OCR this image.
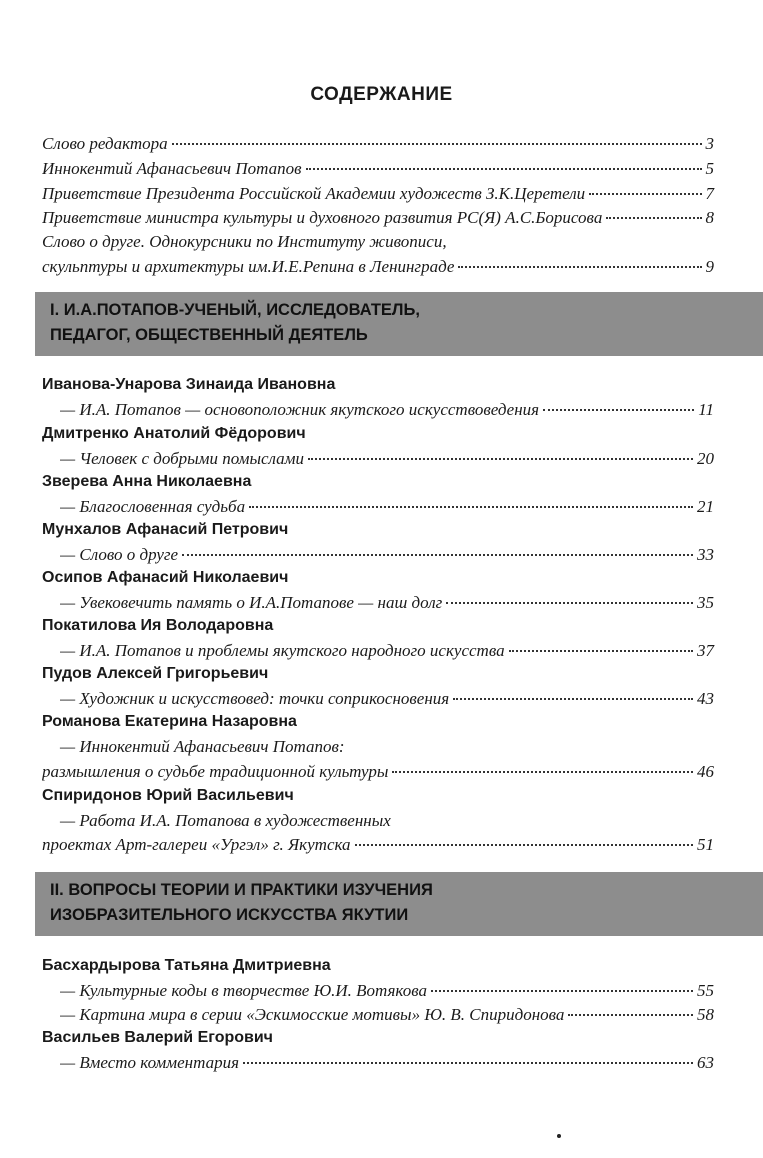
СОДЕРЖАНИЕ
Слово редактора	3
Иннокентий Афанасьевич Потапов	5
Приветствие Президента Российской Академии художеств З.К.Церетели	7
Приветствие министра культуры и духовного развития РС(Я) А.С.Борисова	8
Слово о друге. Однокурсники по Институту живописи,
скульптуры и архитектуры им.И.Е.Репина в Ленинграде	9
I. И.А.ПОТАПОВ-УЧЕНЫЙ, ИССЛЕДОВАТЕЛЬ,
ПЕДАГОГ, ОБЩЕСТВЕННЫЙ ДЕЯТЕЛЬ
Иванова-Унарова Зинаида Ивановна
— И.А. Потапов — основоположник якутского искусствоведения	11
Дмитренко Анатолий Фёдорович
— Человек с добрыми помыслами	20
Зверева Анна Николаевна
— Благословенная судьба	21
Мунхалов Афанасий Петрович
— Слово о друге	33
Осипов Афанасий Николаевич
— Увековечить память о И.А.Потапове — наш долг	35
Покатилова Ия Володаровна
— И.А. Потапов и проблемы якутского народного искусства	37
Пудов Алексей Григорьевич
— Художник и искусствовед: точки соприкосновения	43
Романова Екатерина Назаровна
— Иннокентий Афанасьевич Потапов:
размышления о судьбе традиционной культуры	46
Спиридонов Юрий Васильевич
— Работа И.А. Потапова в художественных
проектах Арт-галереи «Ургэл» г. Якутска	51
II. ВОПРОСЫ ТЕОРИИ И ПРАКТИКИ ИЗУЧЕНИЯ
ИЗОБРАЗИТЕЛЬНОГО ИСКУССТВА ЯКУТИИ
Басхардырова Татьяна Дмитриевна
— Культурные коды в творчестве Ю.И. Вотякова	55
— Картина мира в серии «Эскимосские мотивы» Ю. В. Спиридонова	58
Васильев Валерий Егорович
— Вместо комментария	63
